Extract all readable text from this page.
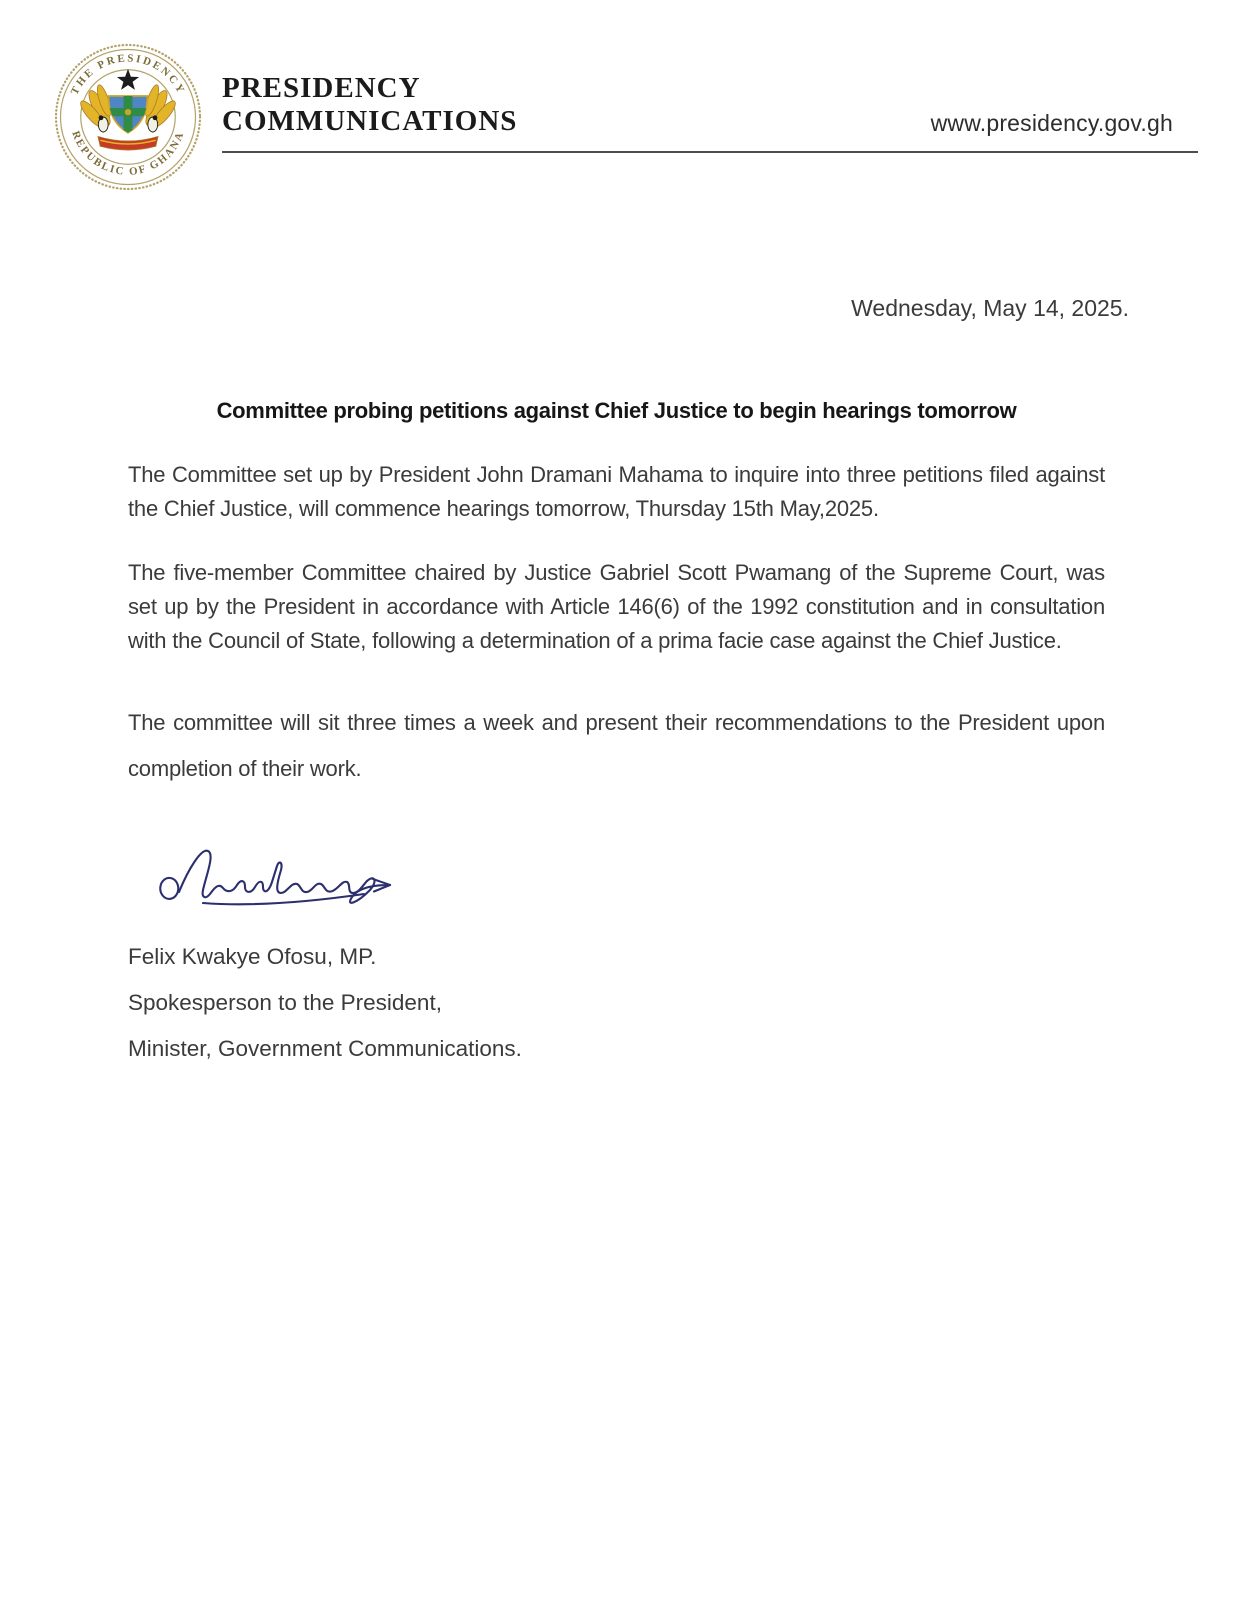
THE PRESIDENCY
REPUBLIC OF GHANA
PRESIDENCY
COMMUNICATIONS	www.presidency.gov.gh
Wednesday, May 14, 2025.
Committee probing petitions against Chief Justice to begin hearings tomorrow

The Committee set up by President John Dramani Mahama to inquire into three petitions filed against the Chief Justice, will commence hearings tomorrow, Thursday 15th May,2025.

The five-member Committee chaired by Justice Gabriel Scott Pwamang of the Supreme Court, was set up by the President in accordance with Article 146(6) of the 1992 constitution and in consultation with the Council of State, following a determination of a prima facie case against the Chief Justice.

The committee will sit three times a week and present their recommendations to the President upon completion of their work.

Felix Kwakye Ofosu, MP.
Spokesperson to the President,
Minister, Government Communications.
